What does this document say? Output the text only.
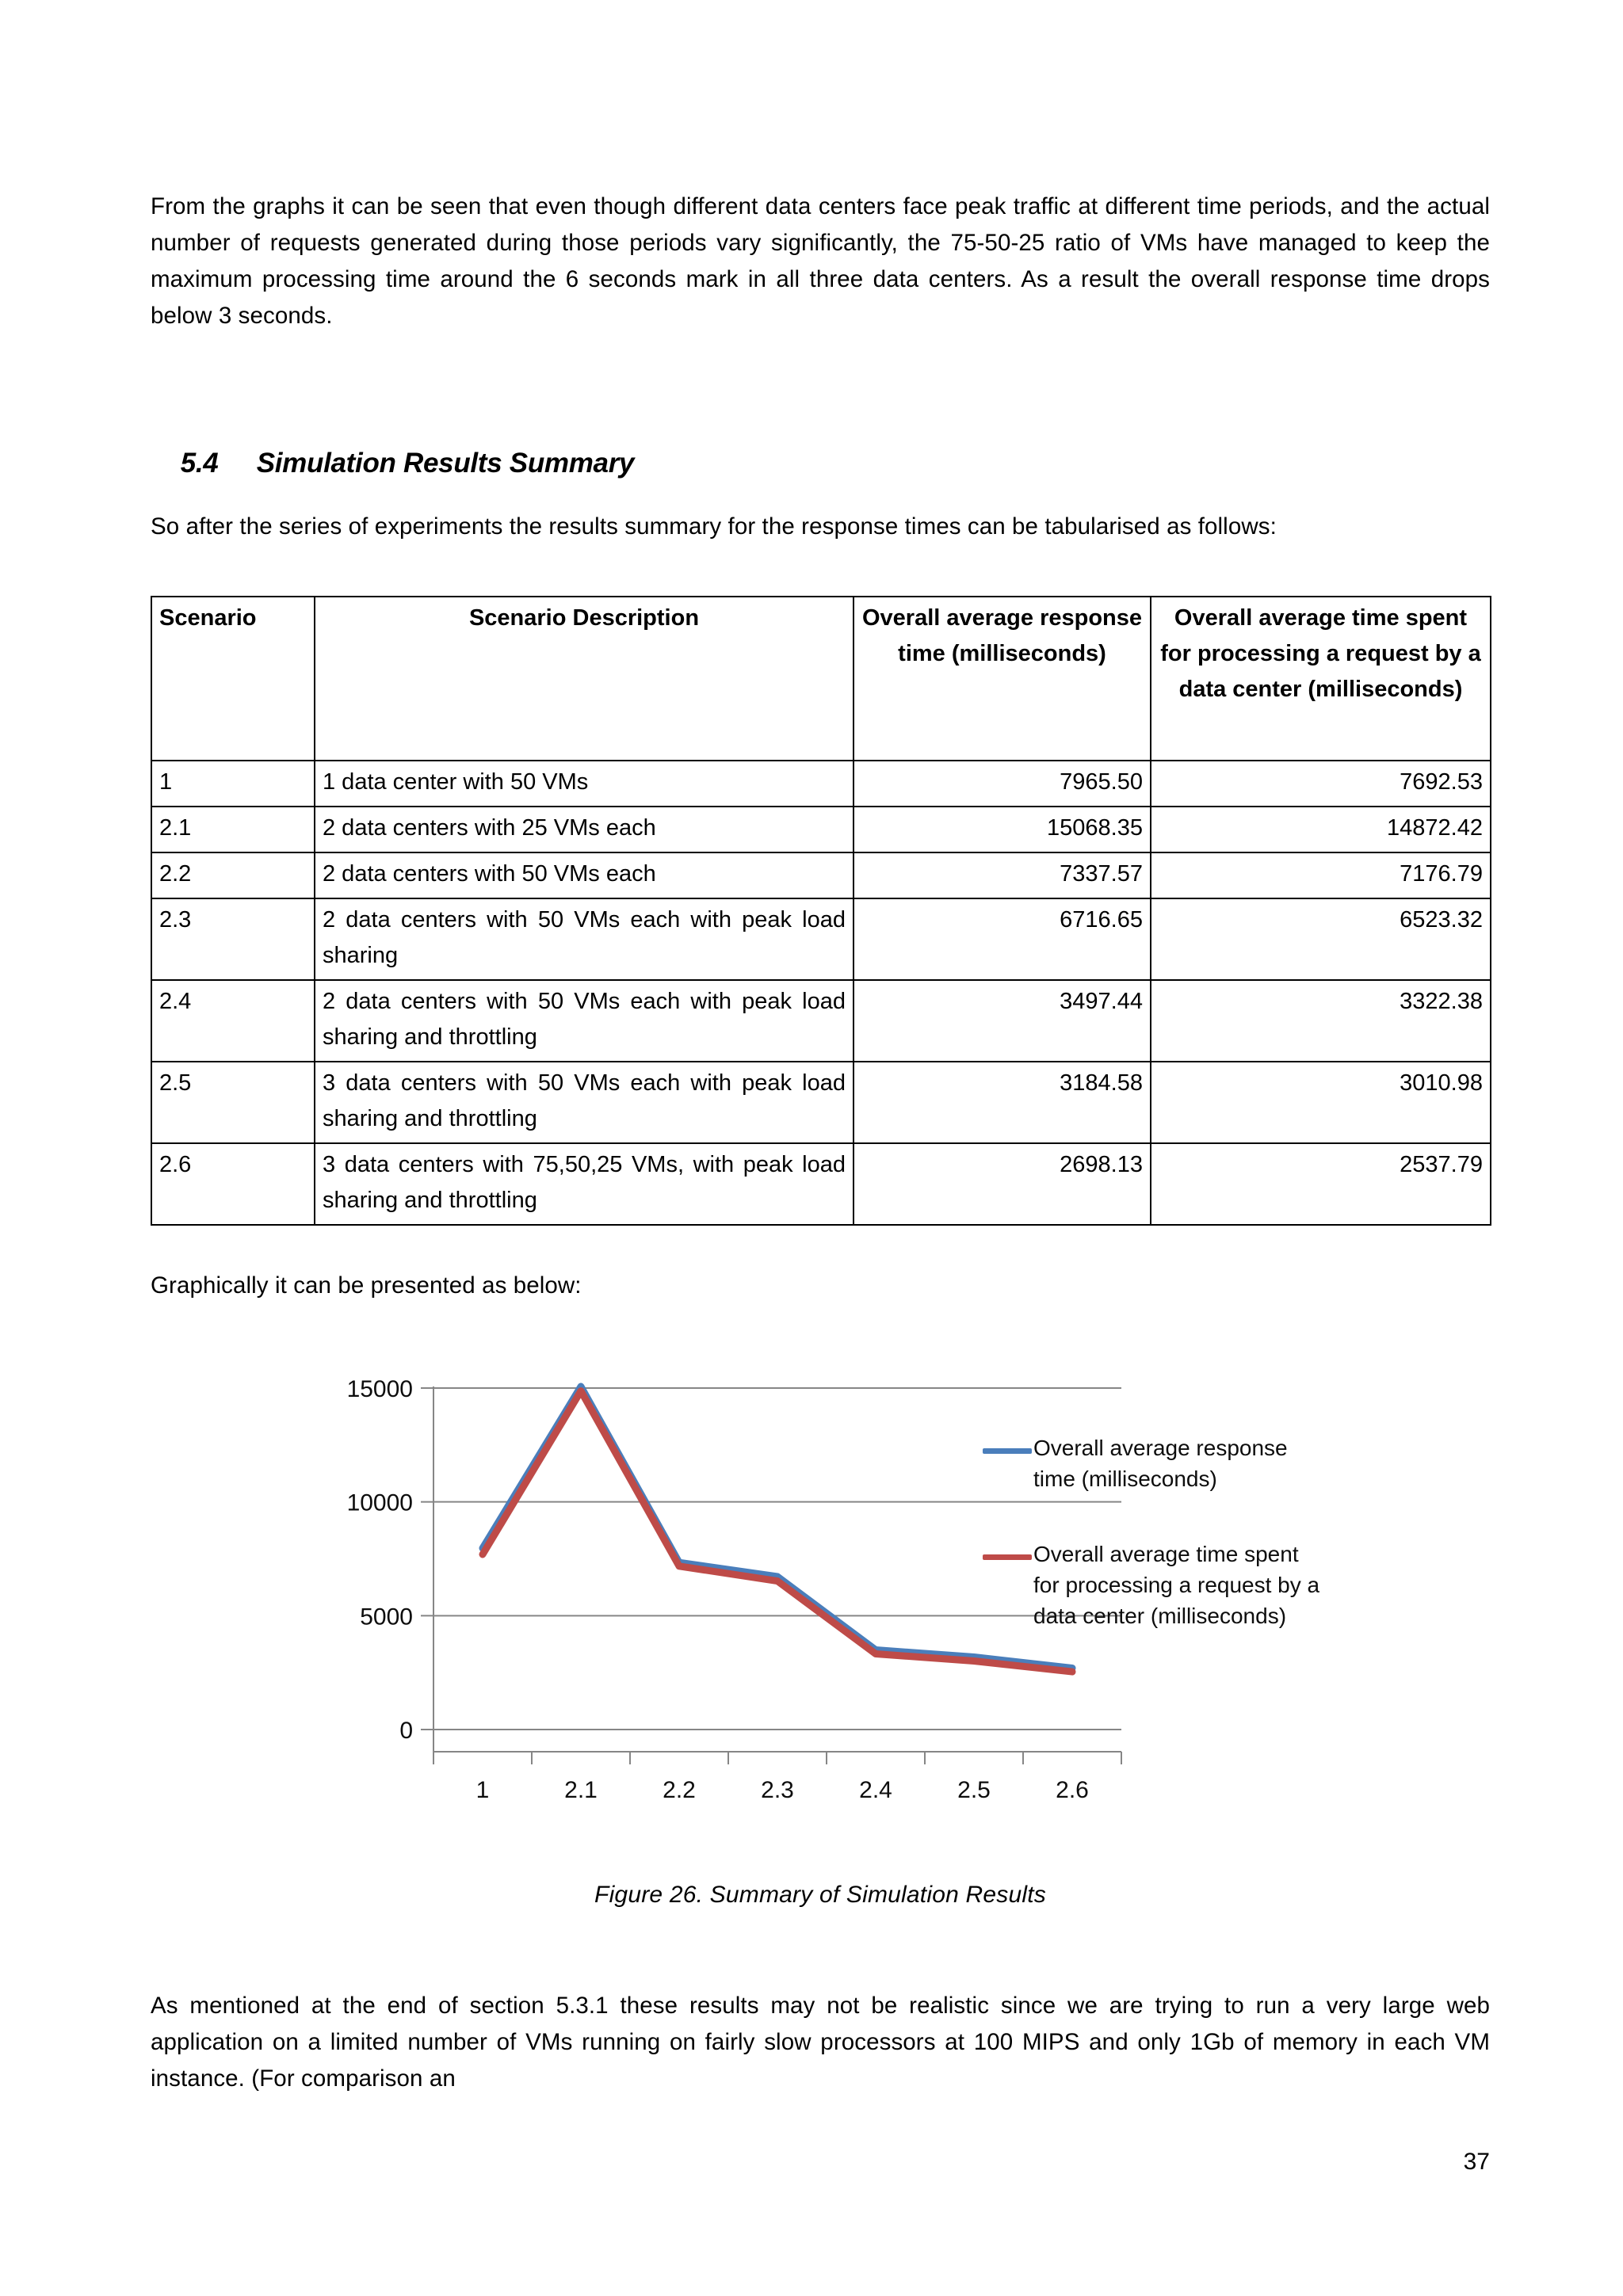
From the graphs it can be seen that even though different data centers face peak traffic at different time periods, and the actual number of requests generated during those periods vary significantly, the 75-50-25 ratio of VMs have managed to keep the maximum processing time around the 6 seconds mark in all three data centers. As a result the overall response time drops below 3 seconds.

5.4 Simulation Results Summary

So after the series of experiments the results summary for the response times can be tabularised as follows:

Scenario	Scenario Description	Overall average response time (milliseconds)	Overall average time spent for processing a request by a data center (milliseconds)
1	1 data center with 50 VMs	7965.50	7692.53
2.1	2 data centers with 25 VMs each	15068.35	14872.42
2.2	2 data centers with 50 VMs each	7337.57	7176.79
2.3	2 data centers with 50 VMs each with peak load sharing	6716.65	6523.32
2.4	2 data centers with 50 VMs each with peak load sharing and throttling	3497.44	3322.38
2.5	3 data centers with 50 VMs each with peak load sharing and throttling	3184.58	3010.98
2.6	3 data centers with 75,50,25 VMs, with peak load sharing and throttling	2698.13	2537.79

Graphically it can be presented as below:

0
5000
10000
15000
1	2.1	2.2	2.3	2.4	2.5	2.6
Overall average response time (milliseconds)
Overall average time spent for processing a request by a data center (milliseconds)
Figure 26. Summary of Simulation Results

As mentioned at the end of section 5.3.1 these results may not be realistic since we are trying to run a very large web application on a limited number of VMs running on fairly slow processors at 100 MIPS and only 1Gb of memory in each VM instance. (For comparison an

37
